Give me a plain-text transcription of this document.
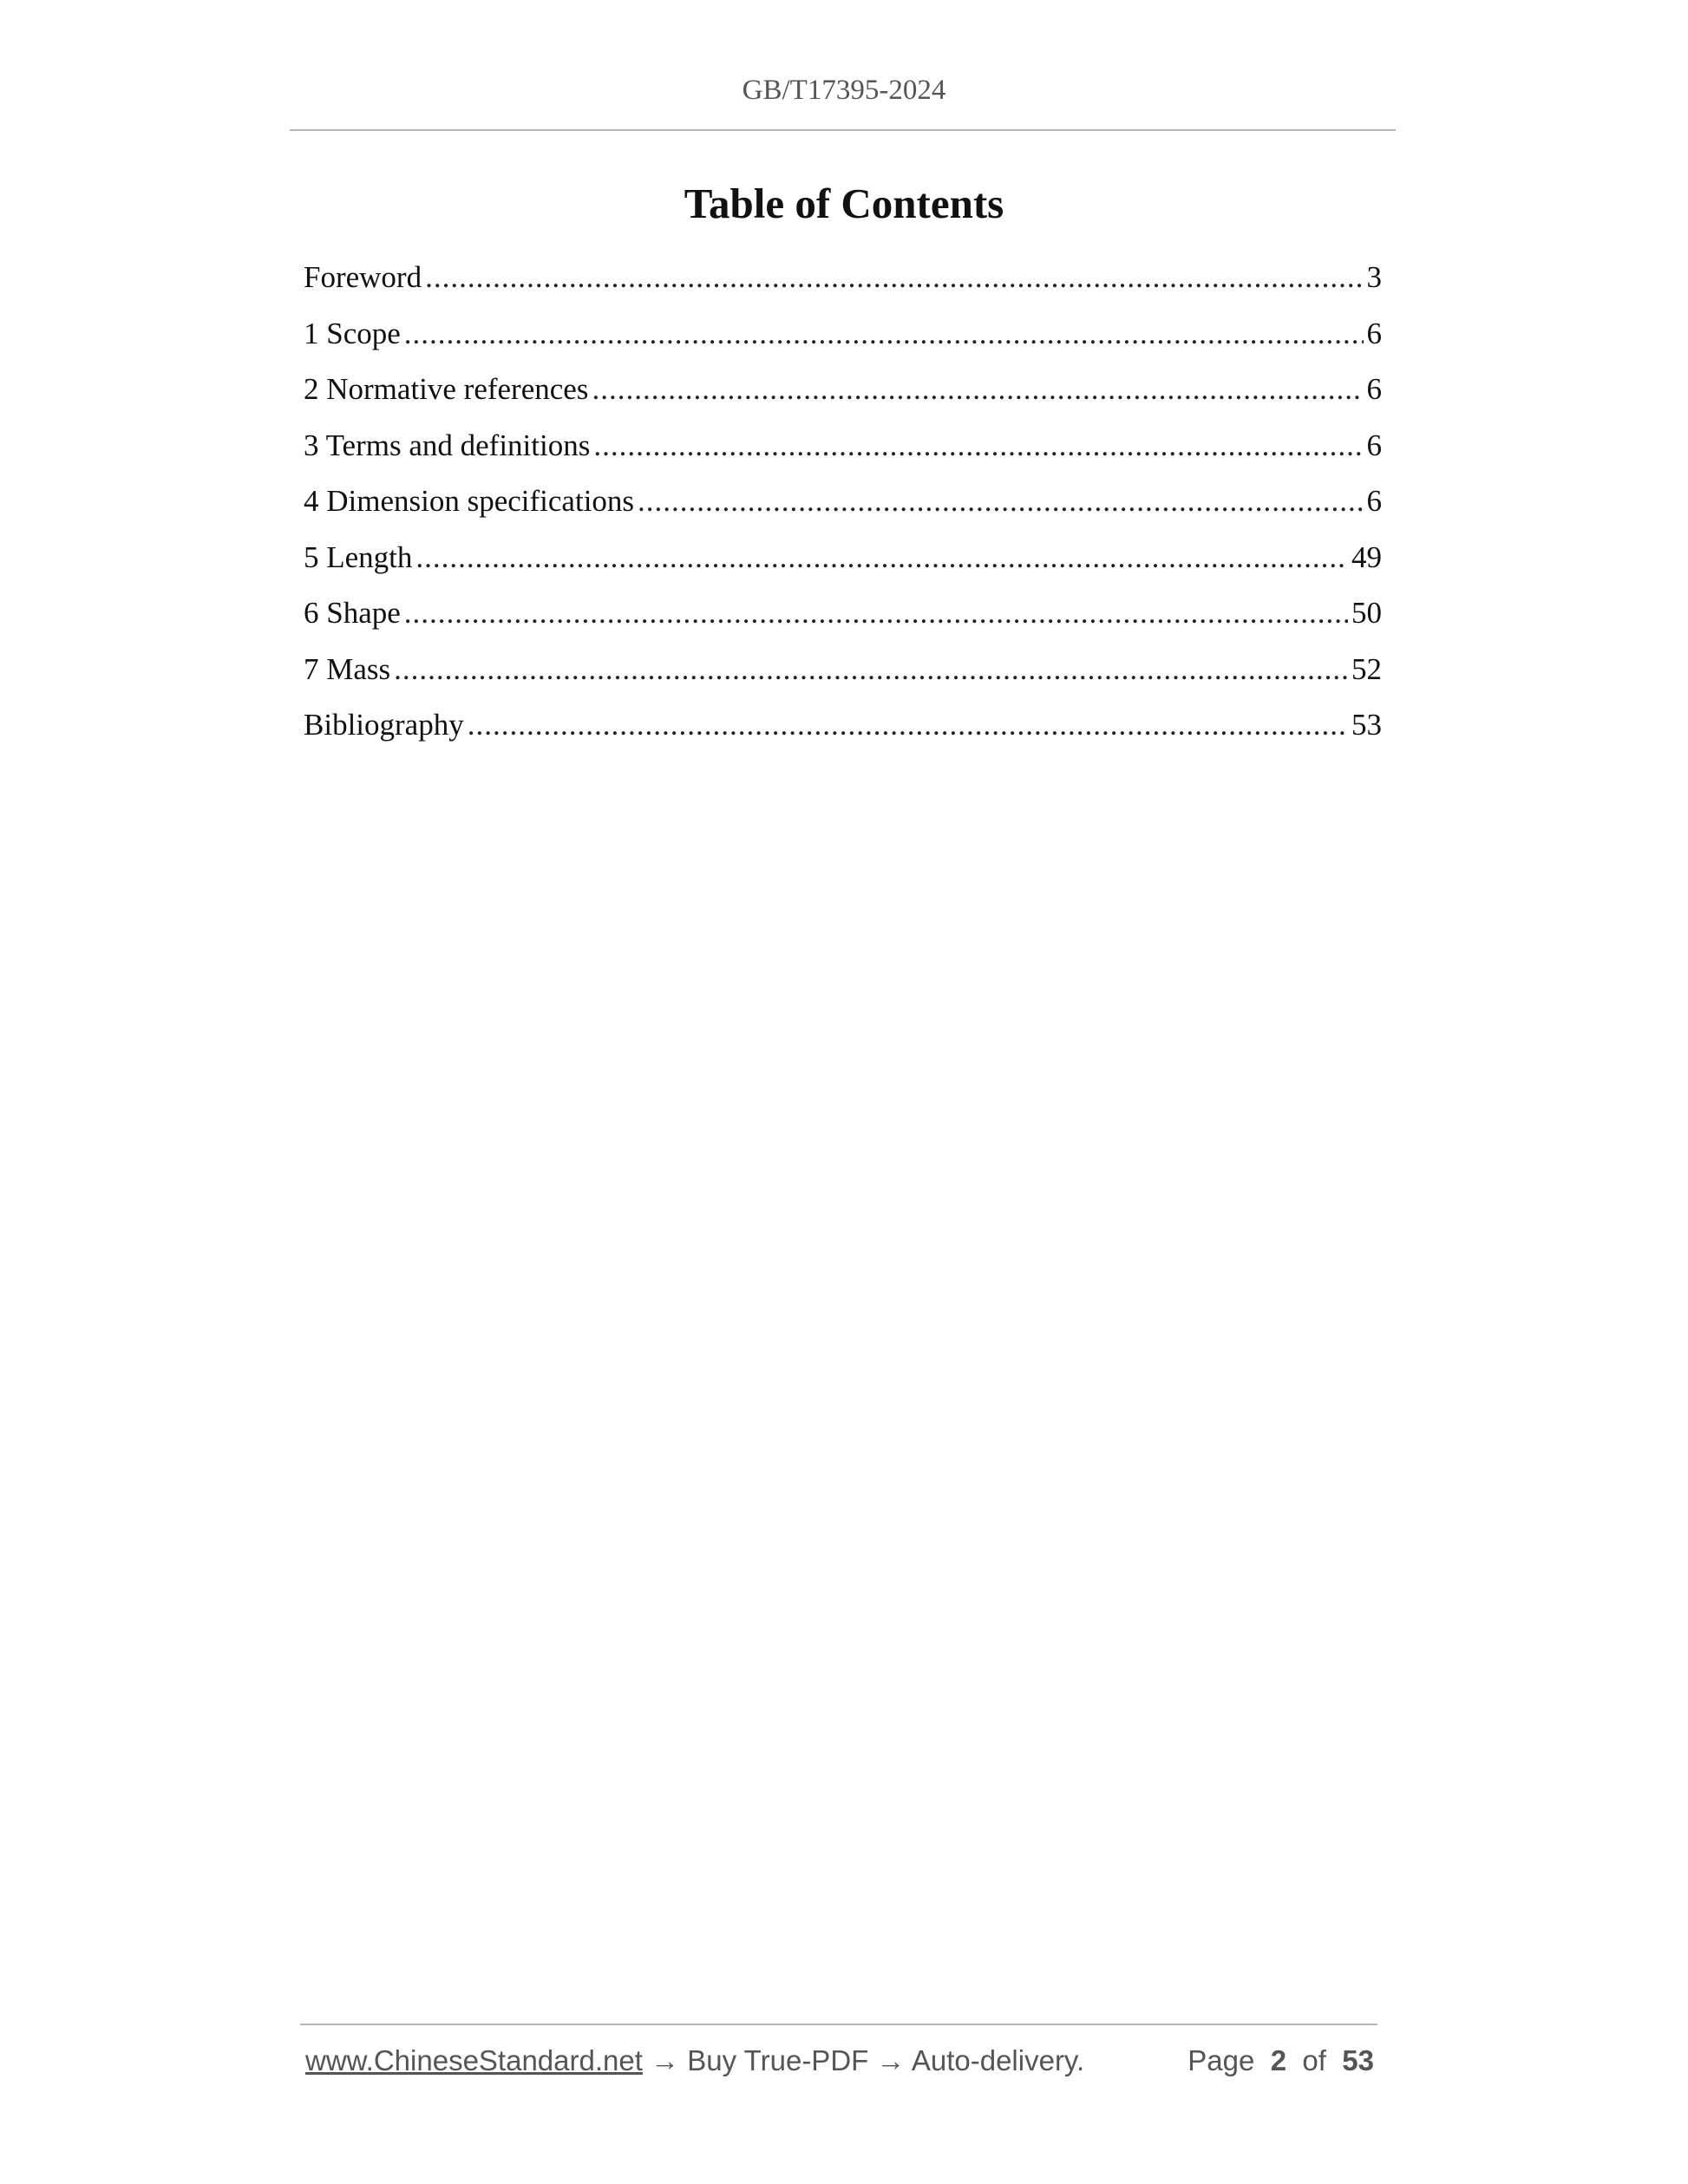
GB/T17395-2024
Table of Contents
Foreword .....	3
1 Scope .....	6
2 Normative references .....	6
3 Terms and definitions .....	6
4 Dimension specifications .....	6
5 Length .....	49
6 Shape .....	50
7 Mass .....	52
Bibliography .....	53
www.ChineseStandard.net → Buy True-PDF → Auto-delivery.	Page 2 of 53
